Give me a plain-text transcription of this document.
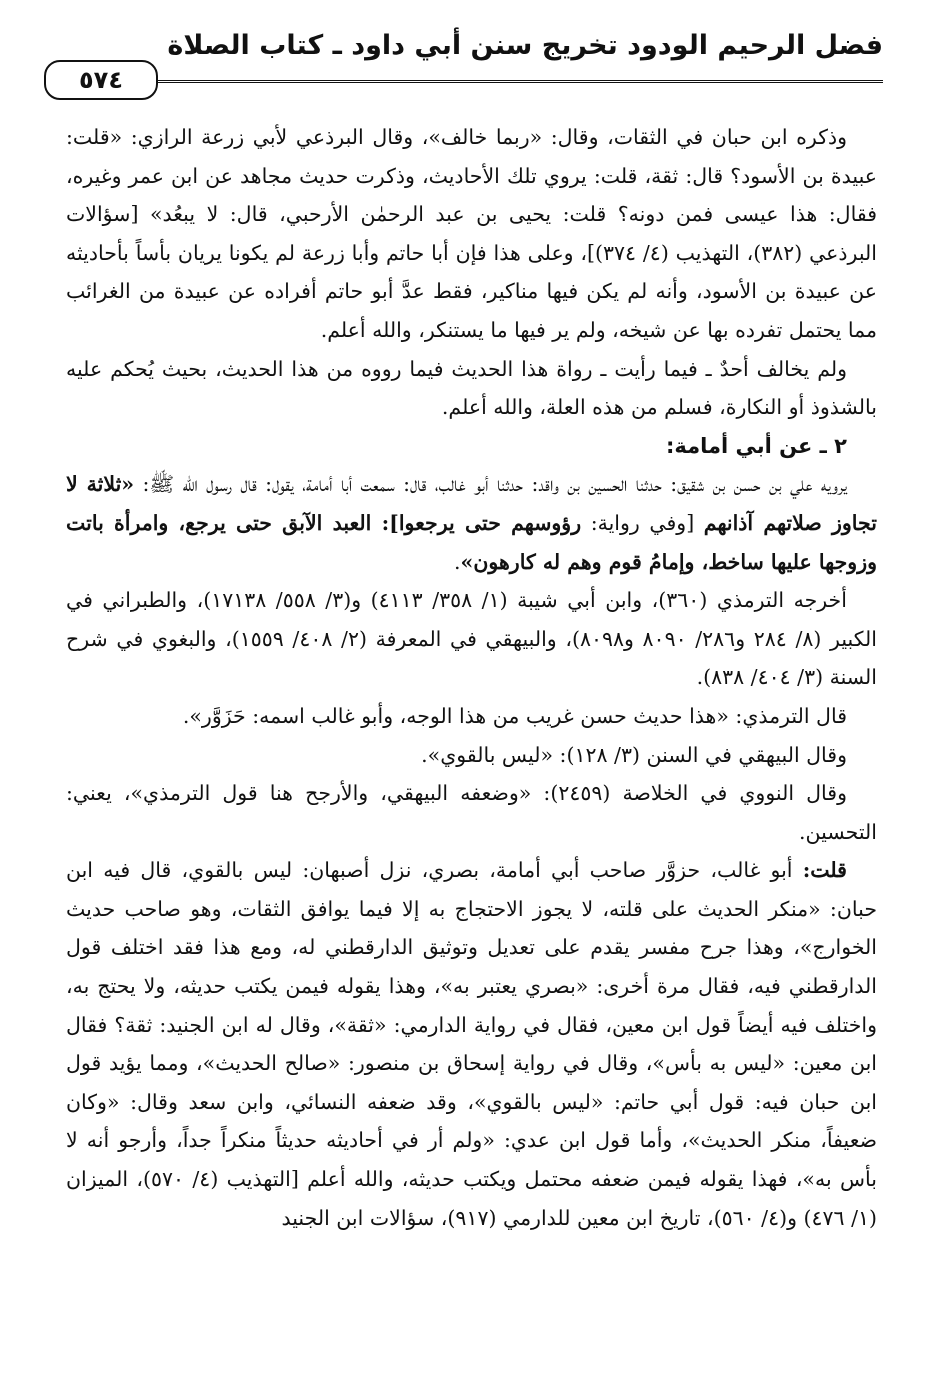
فضل الرحيم الودود تخريج سنن أبي داود ـ كتاب الصلاة
٥٧٤

وذكره ابن حبان في الثقات، وقال: «ربما خالف»، وقال البرذعي لأبي زرعة الرازي: «قلت: عبيدة بن الأسود؟ قال: ثقة، قلت: يروي تلك الأحاديث، وذكرت حديث مجاهد عن ابن عمر وغيره، فقال: هذا عيسى فمن دونه؟ قلت: يحيى بن عبد الرحمٰن الأرحبي، قال: لا يبعُد» [سؤالات البرذعي (٣٨٢)، التهذيب (٤/ ٣٧٤)]، وعلى هذا فإن أبا حاتم وأبا زرعة لم يكونا يريان بأساً بأحاديثه عن عبيدة بن الأسود، وأنه لم يكن فيها مناكير، فقط عدَّ أبو حاتم أفراده عن عبيدة من الغرائب مما يحتمل تفرده بها عن شيخه، ولم ير فيها ما يستنكر، والله أعلم.

ولم يخالف أحدٌ ـ فيما رأيت ـ رواة هذا الحديث فيما رووه من هذا الحديث، بحيث يُحكم عليه بالشذوذ أو النكارة، فسلم من هذه العلة، والله أعلم.

٢ ـ عن أبي أمامة:

يرويه علي بن حسن بن شقيق: حدثنا الحسين بن واقد: حدثنا أبو غالب، قال: سمعت أبا أمامة، يقول: قال رسول الله ﷺ: «ثلاثة لا تجاوز صلاتهم آذانهم [وفي رواية: رؤوسهم حتى يرجعوا]: العبد الآبق حتى يرجع، وامرأة باتت وزوجها عليها ساخط، وإمامُ قوم وهم له كارهون».

أخرجه الترمذي (٣٦٠)، وابن أبي شيبة (١/ ٣٥٨/ ٤١١٣) و(٣/ ٥٥٨/ ١٧١٣٨)، والطبراني في الكبير (٨/ ٢٨٤ و٢٨٦/ ٨٠٩٠ و٨٠٩٨)، والبيهقي في المعرفة (٢/ ٤٠٨/ ١٥٥٩)، والبغوي في شرح السنة (٣/ ٤٠٤/ ٨٣٨).

قال الترمذي: «هذا حديث حسن غريب من هذا الوجه، وأبو غالب اسمه: حَزَوَّر».

وقال البيهقي في السنن (٣/ ١٢٨): «ليس بالقوي».

وقال النووي في الخلاصة (٢٤٥٩): «وضعفه البيهقي، والأرجح هنا قول الترمذي»، يعني: التحسين.

قلت: أبو غالب، حزوَّر صاحب أبي أمامة، بصري، نزل أصبهان: ليس بالقوي، قال فيه ابن حبان: «منكر الحديث على قلته، لا يجوز الاحتجاج به إلا فيما يوافق الثقات، وهو صاحب حديث الخوارج»، وهذا جرح مفسر يقدم على تعديل وتوثيق الدارقطني له، ومع هذا فقد اختلف قول الدارقطني فيه، فقال مرة أخرى: «بصري يعتبر به»، وهذا يقوله فيمن يكتب حديثه، ولا يحتج به، واختلف فيه أيضاً قول ابن معين، فقال في رواية الدارمي: «ثقة»، وقال له ابن الجنيد: ثقة؟ فقال ابن معين: «ليس به بأس»، وقال في رواية إسحاق بن منصور: «صالح الحديث»، ومما يؤيد قول ابن حبان فيه: قول أبي حاتم: «ليس بالقوي»، وقد ضعفه النسائي، وابن سعد وقال: «وكان ضعيفاً، منكر الحديث»، وأما قول ابن عدي: «ولم أر في أحاديثه حديثاً منكراً جداً، وأرجو أنه لا بأس به»، فهذا يقوله فيمن ضعفه محتمل ويكتب حديثه، والله أعلم [التهذيب (٤/ ٥٧٠)، الميزان (١/ ٤٧٦) و(٤/ ٥٦٠)، تاريخ ابن معين للدارمي (٩١٧)، سؤالات ابن الجنيد
